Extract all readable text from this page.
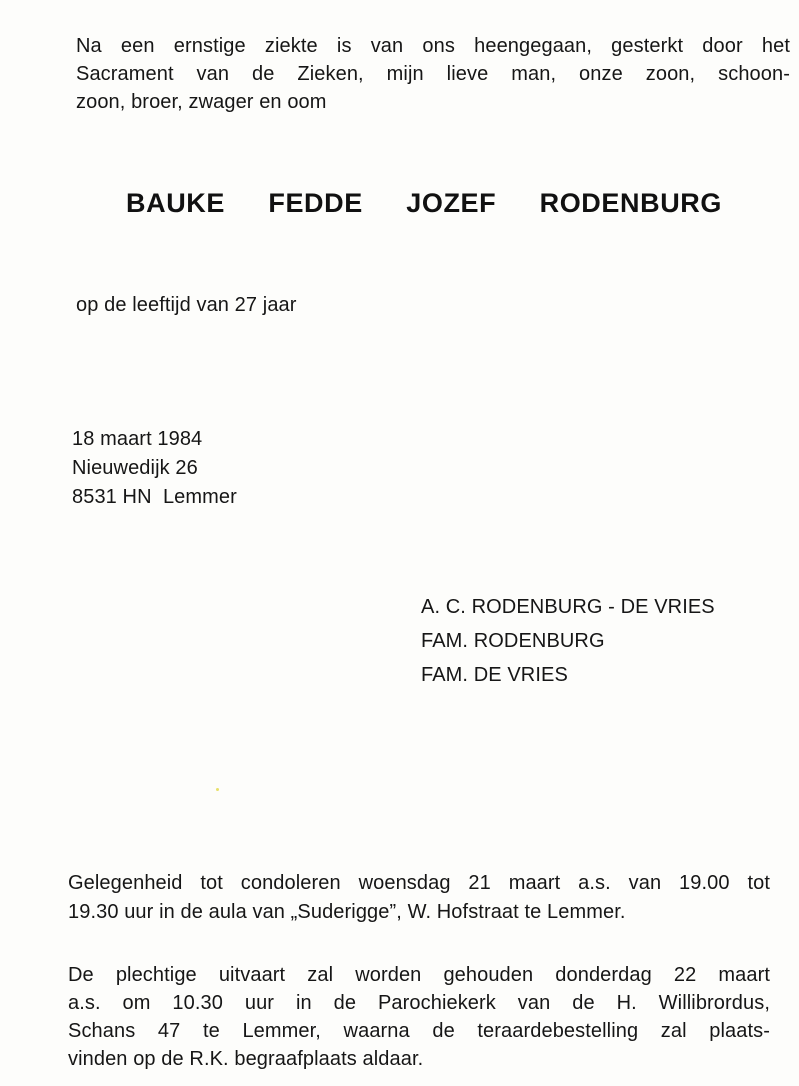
Na een ernstige ziekte is van ons heengegaan, gesterkt door het
Sacrament van de Zieken, mijn lieve man, onze zoon, schoon-
zoon, broer, zwager en oom
BAUKE FEDDE JOZEF RODENBURG
op de leeftijd van 27 jaar
18 maart 1984
Nieuwedijk 26
8531 HN  Lemmer
A. C. RODENBURG - DE VRIES
FAM. RODENBURG
FAM. DE VRIES
Gelegenheid tot condoleren woensdag 21 maart a.s. van 19.00 tot
19.30 uur in de aula van „Suderigge”, W. Hofstraat te Lemmer.
De plechtige uitvaart zal worden gehouden donderdag 22 maart
a.s. om 10.30 uur in de Parochiekerk van de H. Willibrordus,
Schans 47 te Lemmer, waarna de teraardebestelling zal plaats-
vinden op de R.K. begraafplaats aldaar.
